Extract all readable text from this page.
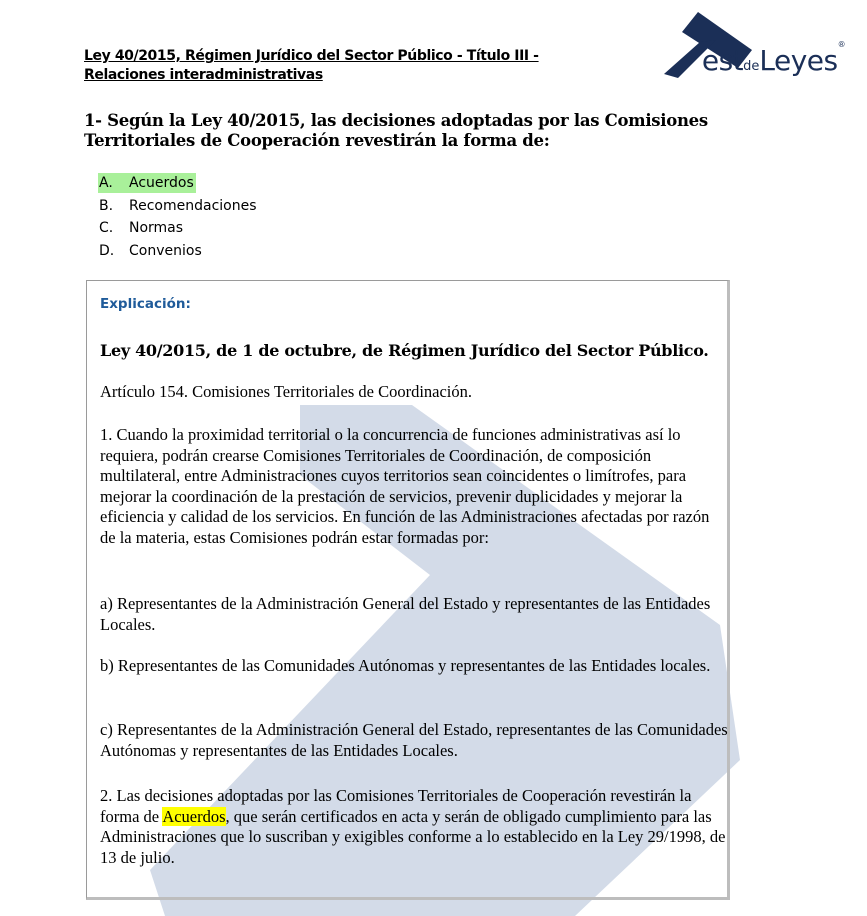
Ley 40/2015, Régimen Jurídico del Sector Público - Título III - Relaciones interadministrativas	estdeLeyes®
1- Según la Ley 40/2015, las decisiones adoptadas por las Comisiones Territoriales de Cooperación revestirán la forma de:
A.	Acuerdos
B.	Recomendaciones
C.	Normas
D.	Convenios
Explicación:
Ley 40/2015, de 1 de octubre, de Régimen Jurídico del Sector Público.
Artículo 154. Comisiones Territoriales de Coordinación.
1. Cuando la proximidad territorial o la concurrencia de funciones administrativas así lo requiera, podrán crearse Comisiones Territoriales de Coordinación, de composición multilateral, entre Administraciones cuyos territorios sean coincidentes o limítrofes, para mejorar la coordinación de la prestación de servicios, prevenir duplicidades y mejorar la eficiencia y calidad de los servicios. En función de las Administraciones afectadas por razón de la materia, estas Comisiones podrán estar formadas por:
a) Representantes de la Administración General del Estado y representantes de las Entidades Locales.
b) Representantes de las Comunidades Autónomas y representantes de las Entidades locales.
c) Representantes de la Administración General del Estado, representantes de las Comunidades Autónomas y representantes de las Entidades Locales.
2. Las decisiones adoptadas por las Comisiones Territoriales de Cooperación revestirán la forma de Acuerdos, que serán certificados en acta y serán de obligado cumplimiento para las Administraciones que lo suscriban y exigibles conforme a lo establecido en la Ley 29/1998, de 13 de julio.
